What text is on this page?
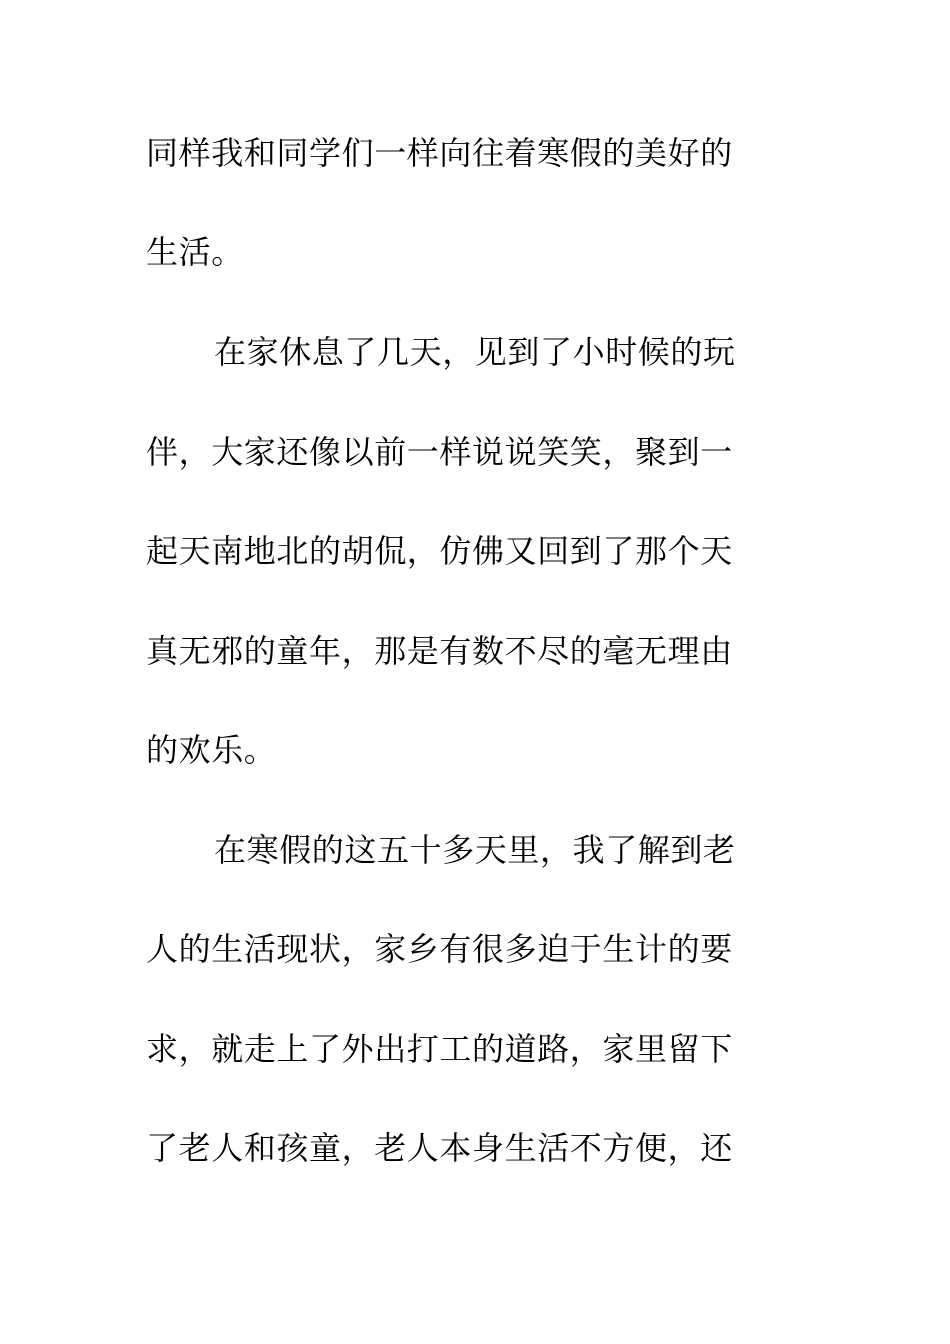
同样我和同学们一样向往着寒假的美好的
生活。
在家休息了几天，见到了小时候的玩
伴，大家还像以前一样说说笑笑，聚到一
起天南地北的胡侃，仿佛又回到了那个天
真无邪的童年，那是有数不尽的毫无理由
的欢乐。
在寒假的这五十多天里，我了解到老
人的生活现状，家乡有很多迫于生计的要
求，就走上了外出打工的道路，家里留下
了老人和孩童，老人本身生活不方便，还
